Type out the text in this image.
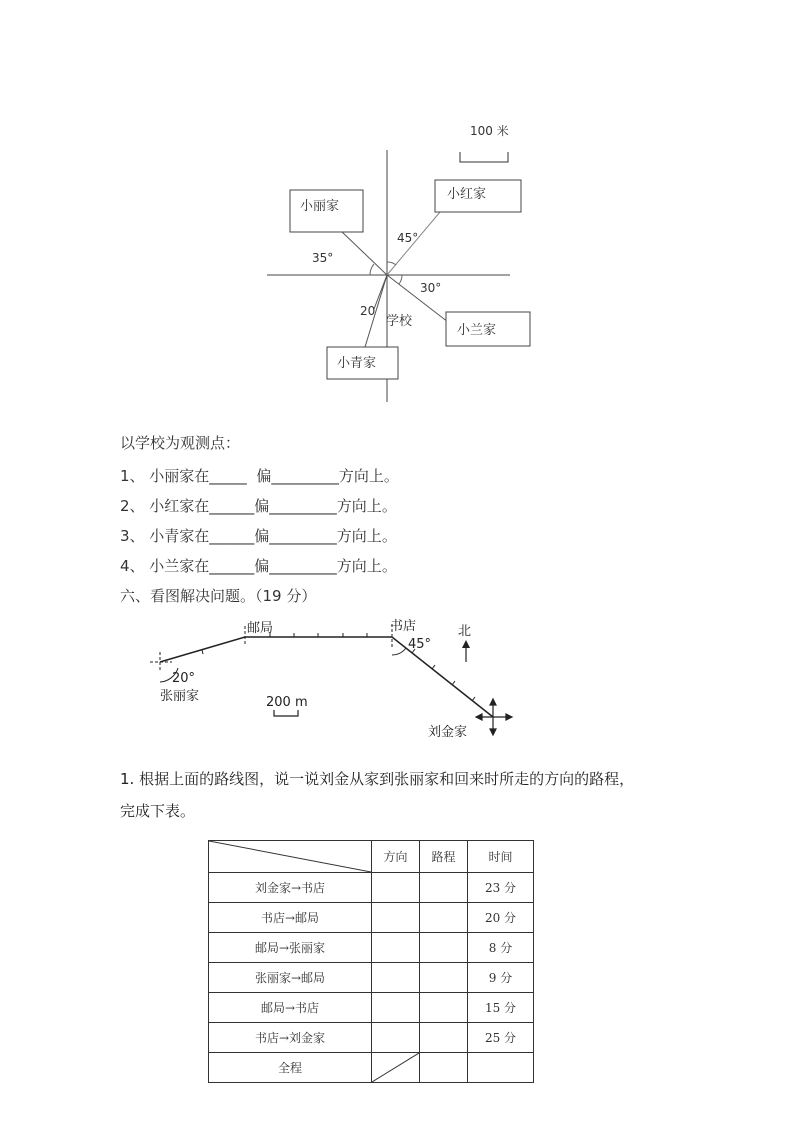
100 米
小丽家
小红家
小兰家
小青家
学校
35°
45°
30°
20
以学校为观测点：
1、 小丽家在_____  偏_________方向上。
2、 小红家在______偏_________方向上。
3、 小青家在______偏_________方向上。
4、 小兰家在______偏_________方向上。
六、看图解决问题。（19 分）
北
邮局	书店
45°
20°
张丽家
刘金家
200 m
1. 根据上面的路线图，说一说刘金从家到张丽家和回来时所走的方向的路程，
完成下表。
	方向	路程	时间
刘金家→书店			23 分
书店→邮局			20 分
邮局→张丽家			8 分
张丽家→邮局			9 分
邮局→书店			15 分
书店→刘金家			25 分
全程	
